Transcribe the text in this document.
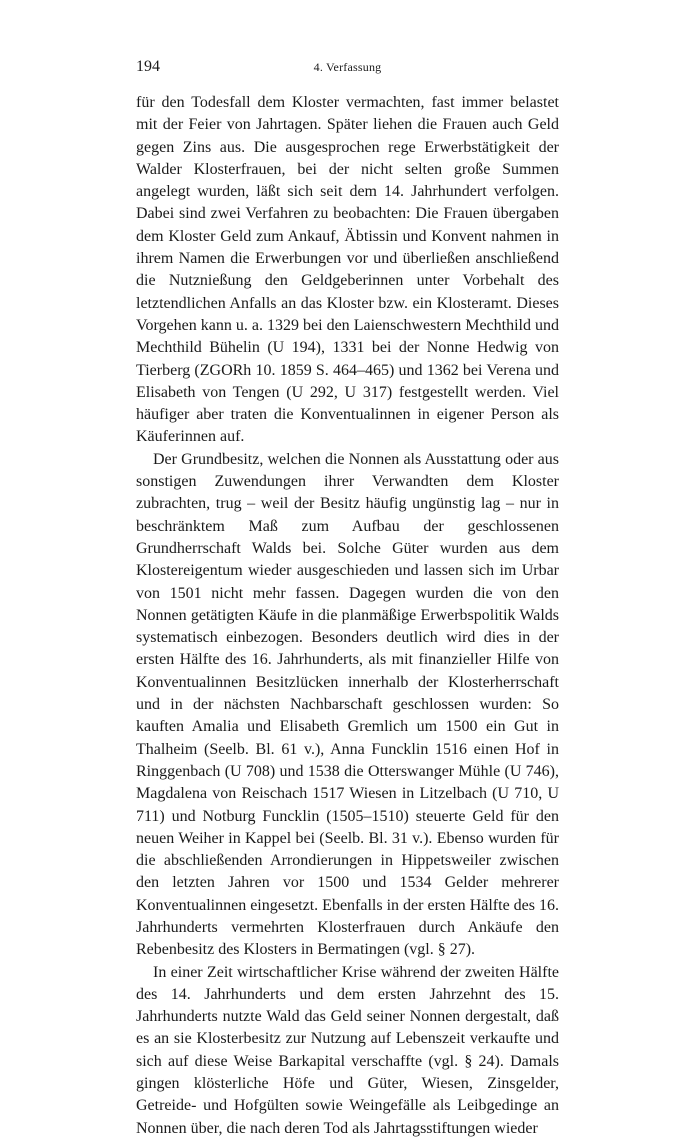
194	4. Verfassung

für den Todesfall dem Kloster vermachten, fast immer belastet mit der Feier von Jahrtagen. Später liehen die Frauen auch Geld gegen Zins aus. Die ausgesprochen rege Erwerbstätigkeit der Walder Klosterfrauen, bei der nicht selten große Summen angelegt wurden, läßt sich seit dem 14. Jahrhundert verfolgen. Dabei sind zwei Verfahren zu beobachten: Die Frauen übergaben dem Kloster Geld zum Ankauf, Äbtissin und Konvent nahmen in ihrem Namen die Erwerbungen vor und überließen anschließend die Nutznießung den Geldgeberinnen unter Vorbehalt des letztendlichen Anfalls an das Kloster bzw. ein Klosteramt. Dieses Vorgehen kann u. a. 1329 bei den Laienschwestern Mechthild und Mechthild Bühelin (U 194), 1331 bei der Nonne Hedwig von Tierberg (ZGORh 10. 1859 S. 464–465) und 1362 bei Verena und Elisabeth von Tengen (U 292, U 317) festgestellt werden. Viel häufiger aber traten die Konventualinnen in eigener Person als Käuferinnen auf.

Der Grundbesitz, welchen die Nonnen als Ausstattung oder aus sonstigen Zuwendungen ihrer Verwandten dem Kloster zubrachten, trug – weil der Besitz häufig ungünstig lag – nur in beschränktem Maß zum Aufbau der geschlossenen Grundherrschaft Walds bei. Solche Güter wurden aus dem Klostereigentum wieder ausgeschieden und lassen sich im Urbar von 1501 nicht mehr fassen. Dagegen wurden die von den Nonnen getätigten Käufe in die planmäßige Erwerbspolitik Walds systematisch einbezogen. Besonders deutlich wird dies in der ersten Hälfte des 16. Jahrhunderts, als mit finanzieller Hilfe von Konventualinnen Besitzlücken innerhalb der Klosterherrschaft und in der nächsten Nachbarschaft geschlossen wurden: So kauften Amalia und Elisabeth Gremlich um 1500 ein Gut in Thalheim (Seelb. Bl. 61 v.), Anna Funcklin 1516 einen Hof in Ringgenbach (U 708) und 1538 die Otterswanger Mühle (U 746), Magdalena von Reischach 1517 Wiesen in Litzelbach (U 710, U 711) und Notburg Funcklin (1505–1510) steuerte Geld für den neuen Weiher in Kappel bei (Seelb. Bl. 31 v.). Ebenso wurden für die abschließenden Arrondierungen in Hippetsweiler zwischen den letzten Jahren vor 1500 und 1534 Gelder mehrerer Konventualinnen eingesetzt. Ebenfalls in der ersten Hälfte des 16. Jahrhunderts vermehrten Klosterfrauen durch Ankäufe den Rebenbesitz des Klosters in Bermatingen (vgl. § 27).

In einer Zeit wirtschaftlicher Krise während der zweiten Hälfte des 14. Jahrhunderts und dem ersten Jahrzehnt des 15. Jahrhunderts nutzte Wald das Geld seiner Nonnen dergestalt, daß es an sie Klosterbesitz zur Nutzung auf Lebenszeit verkaufte und sich auf diese Weise Barkapital verschaffte (vgl. § 24). Damals gingen klösterliche Höfe und Güter, Wiesen, Zinsgelder, Getreide- und Hofgülten sowie Weingefälle als Leibgedinge an Nonnen über, die nach deren Tod als Jahrtagsstiftungen wieder
